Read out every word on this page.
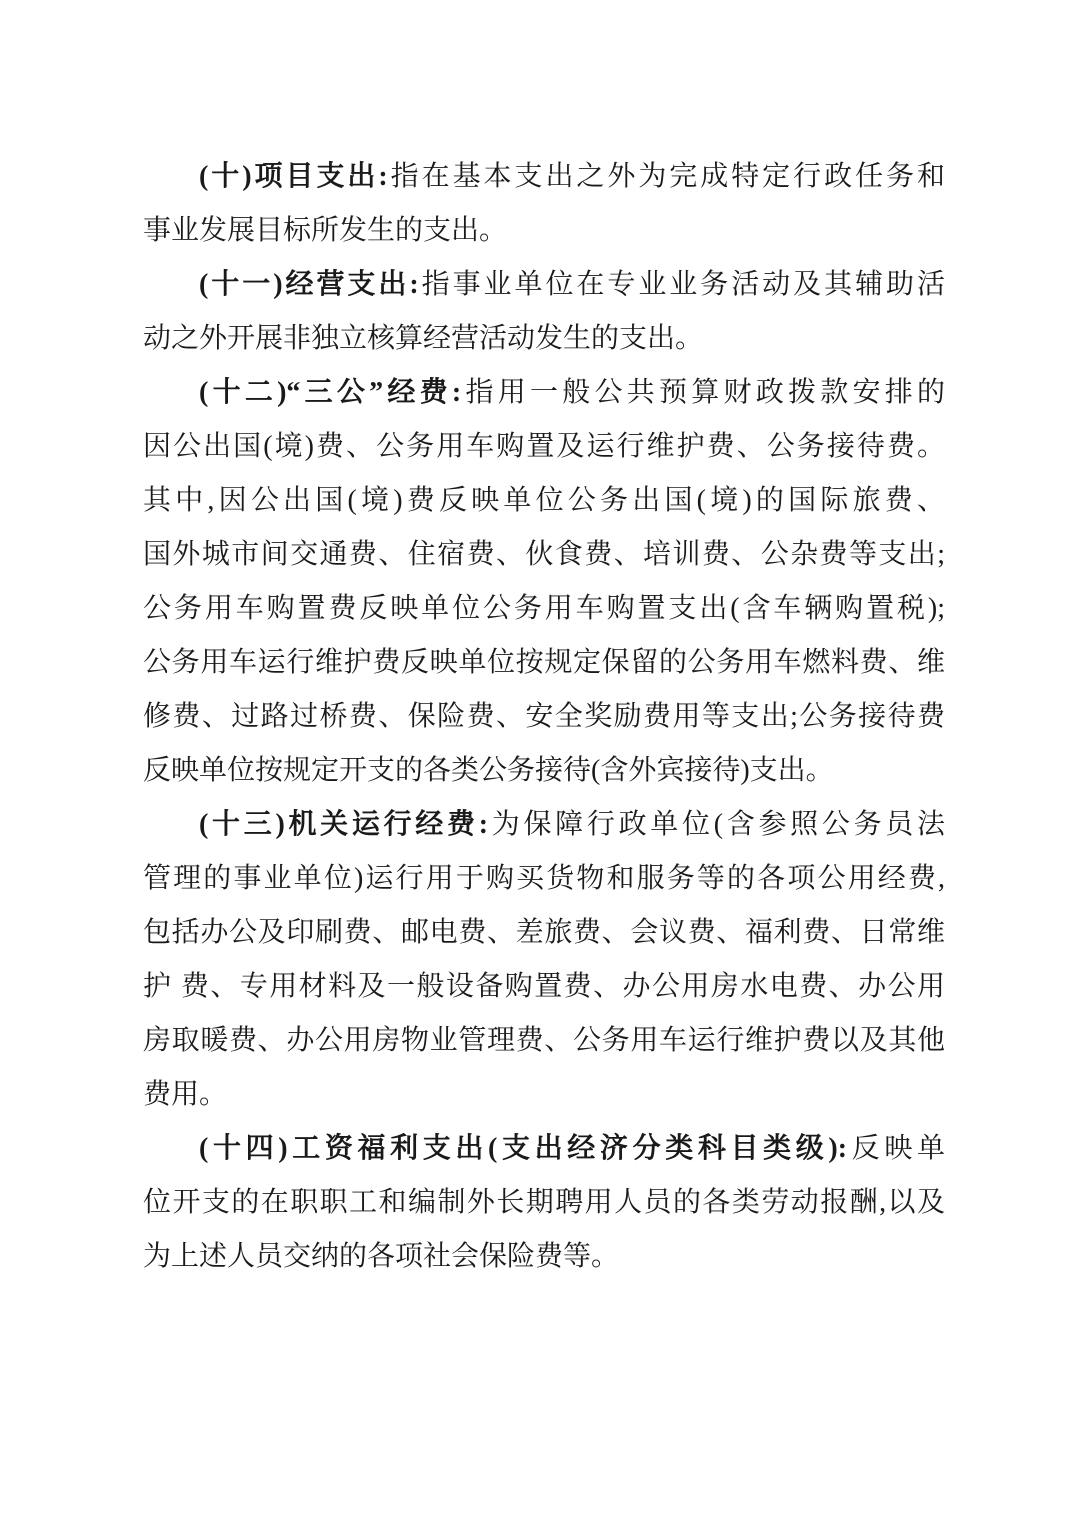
(十)项目支出:指在基本支出之外为完成特定行政任务和
事业发展目标所发生的支出。
(十一)经营支出:指事业单位在专业业务活动及其辅助活
动之外开展非独立核算经营活动发生的支出。
(十二)“三公”经费:指用一般公共预算财政拨款安排的
因公出国(境)费、公务用车购置及运行维护费、公务接待费。
其中,因公出国(境)费反映单位公务出国(境)的国际旅费、
国外城市间交通费、住宿费、伙食费、培训费、公杂费等支出;
公务用车购置费反映单位公务用车购置支出(含车辆购置税);
公务用车运行维护费反映单位按规定保留的公务用车燃料费、维
修费、过路过桥费、保险费、安全奖励费用等支出;公务接待费
反映单位按规定开支的各类公务接待(含外宾接待)支出。
(十三)机关运行经费:为保障行政单位(含参照公务员法
管理的事业单位)运行用于购买货物和服务等的各项公用经费,
包括办公及印刷费、邮电费、差旅费、会议费、福利费、日常维
护 费、专用材料及一般设备购置费、办公用房水电费、办公用
房取暖费、办公用房物业管理费、公务用车运行维护费以及其他
费用。
(十四)工资福利支出(支出经济分类科目类级):反映单
位开支的在职职工和编制外长期聘用人员的各类劳动报酬,以及
为上述人员交纳的各项社会保险费等。
